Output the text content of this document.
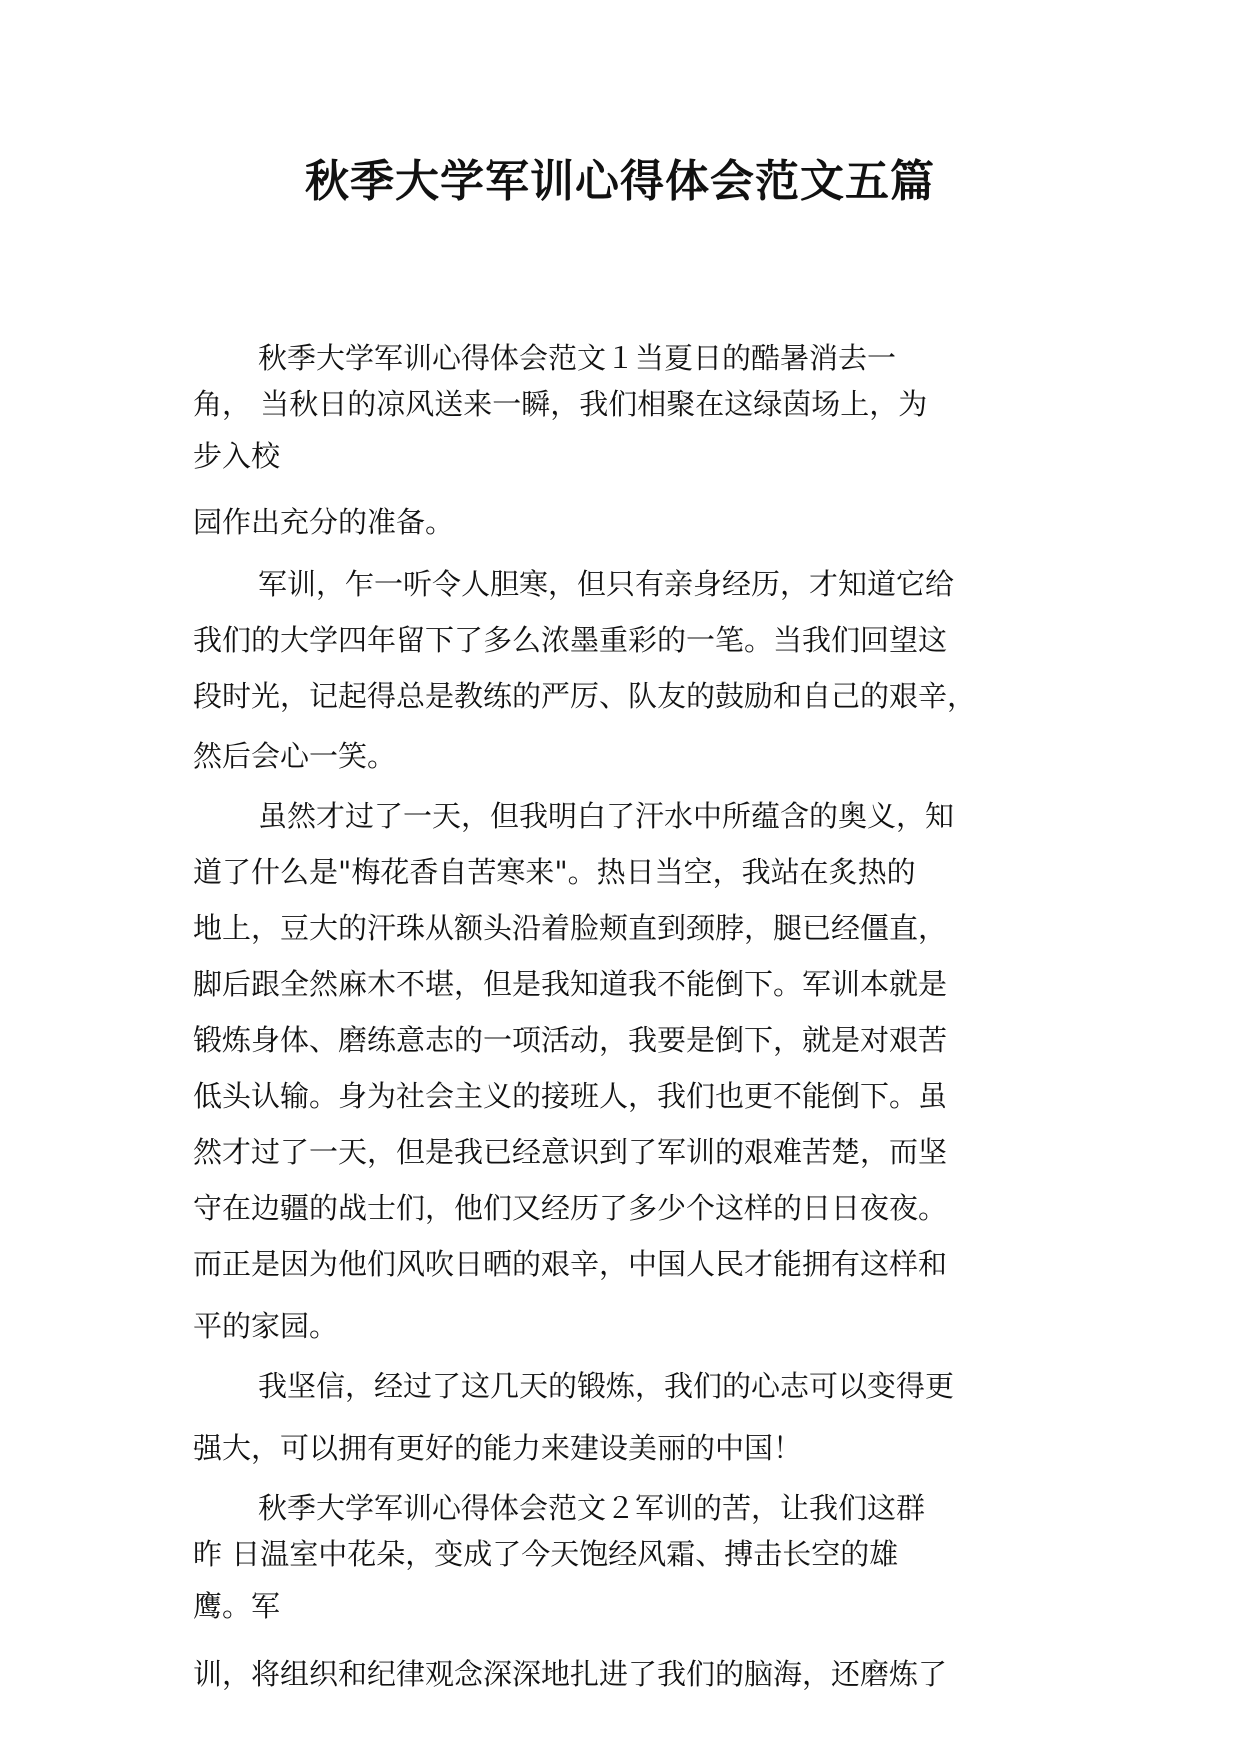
秋季大学军训心得体会范文五篇

秋季大学军训心得体会范文１当夏日的酷暑消去一

角， 当秋日的凉风送来一瞬，我们相聚在这绿茵场上，为

步入校

园作出充分的准备。

军训，乍一听令人胆寒，但只有亲身经历，才知道它给

我们的大学四年留下了多么浓墨重彩的一笔。当我们回望这

段时光，记起得总是教练的严厉、队友的鼓励和自己的艰辛，

然后会心一笑。

虽然才过了一天，但我明白了汗水中所蕴含的奥义，知

道了什么是"梅花香自苦寒来"。热日当空，我站在炙热的

地上，豆大的汗珠从额头沿着脸颊直到颈脖，腿已经僵直，

脚后跟全然麻木不堪，但是我知道我不能倒下。军训本就是

锻炼身体、磨练意志的一项活动，我要是倒下，就是对艰苦

低头认输。身为社会主义的接班人，我们也更不能倒下。虽

然才过了一天，但是我已经意识到了军训的艰难苦楚，而坚

守在边疆的战士们，他们又经历了多少个这样的日日夜夜。

而正是因为他们风吹日晒的艰辛，中国人民才能拥有这样和

平的家园。

我坚信，经过了这几天的锻炼，我们的心志可以变得更

强大，可以拥有更好的能力来建设美丽的中国！

秋季大学军训心得体会范文２军训的苦，让我们这群

昨 日温室中花朵，变成了今天饱经风霜、搏击长空的雄

鹰。军

训，将组织和纪律观念深深地扎进了我们的脑海，还磨炼了
